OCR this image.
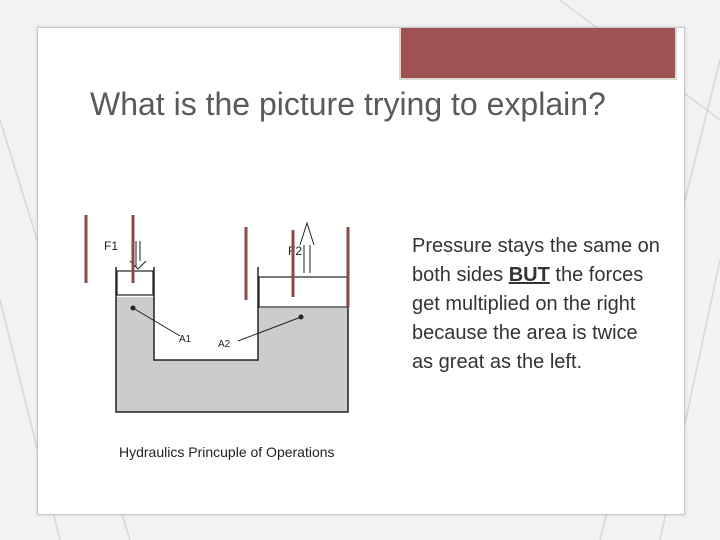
What is the picture trying to explain?
F1	F2
A1	A2
Hydraulics Princuple of Operations

Pressure stays the same on both sides BUT the forces get multiplied on the right because the area is twice as great as the left.
